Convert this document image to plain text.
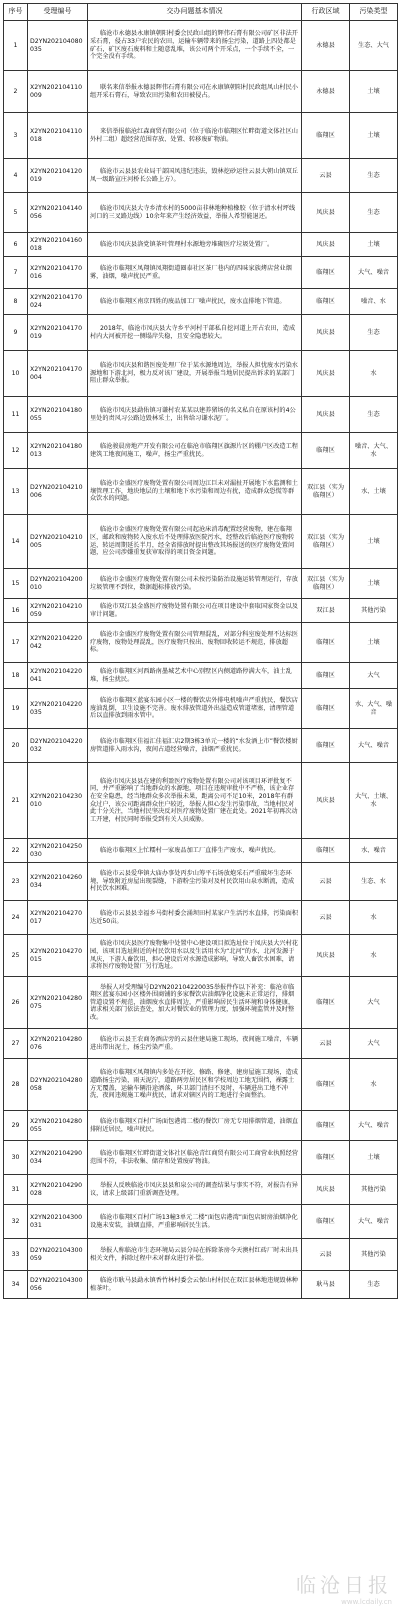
序号	受理编号	交办问题基本情况	行政区域	污染类型
1	D2YN202104080035	临沧市永德县永康镇朝阳村委会民政山组的辉伟石膏有限公司矿区非法开采石膏，侵占33户农民的农田，运输车辆带来的扬尘污染，道路上四处都是矿石，矿区废石废料和土随意乱堆，该公司两个开采点，一个手续不全，一个完全没有手续。	永德县	生态、大气
2	X2YN202104110009	联名来信举报永德县辉伟石膏有限公司在永康镇朝阳村民政组凤山村民小组开采石膏石，导致农田污染和农田被侵占。	永德县	土壤
3	X2YN202104110018	来信举报临沧红森商贸有限公司（位于临沧市临翔区忙畔街道文体社区山外村二组）超经营范围存放、处置、转移废矿物油。	临翔区	土壤
4	X2YN202104120019	临沧市云县县农业局干部国凤违纪违法，毁林挖砂运往云县大朝山镇双丘凤一级路宣庄河桥长公路上方）。	云县	生态
5	X2YN202104140056	临沧市凤庆县大寺乡清水村的5000亩非林地种植橡胶（位于清水村坪线河口的三叉路边线）10余年来产生经济效益，举报人希望能退还。	凤庆县	生态
6	X2YN202104160018	临沧市凤庆县洛党镇茶叶管理村水源地旁堆砌医疗垃圾处置厂。	凤庆县	土壤
7	X2YN202104170016	临沧市临翔区凤翔镇凤翔街道圈泰社区茶厂巷内的四味家族烤店营业烟雾，油烟，噪声扰民严重。	临翔区	大气、噪音
8	X2YN202104170024	临沧市临翔区南京四姓的废品加工厂噪声扰民，废水直排地下管道。	临翔区	噪音、水
9	X2YN202104170019	2018年，临沧市凤庆县大寺乡平河村干部私自挖河道上开占农田，造成村内大河被开挖一侧塌岸失稳，且安全隐患较大。	凤庆县	生态
10	X2YN202104170004	临沧市凤庆县和谐医废处理厂位于某水源地周边，举报人担忧废水污染水源地和下游北河，极力反对该厂建设，开展举报当地居民提出诉求的某部门阻止群众举报。	凤庆县	水
11	X2YN202104180055	临沧市凤庆县勐佑镇习谦村农某某以建养猪场的名义私自在原该村的4公里处的责风习公路边毁林采土，出售给习谦水泥厂。	凤庆县	生态
12	X2YN202104180013	临沧骏晨房地产开发有限公司在临沧市临翔区旗源片区的棚户区改造工程建筑工地夜间施工，噪声，扬尘严重扰民。	临翔区	噪音、大气、水
13	D2YN202104210006	临沧市金盛医疗废物处置有限公司周边江巨未对漏扯开展地下水监测和土壤管理工作，地块地层的土壤和地下水污染和周边有扰，造成群众恐慌等群众饮水的问题。	双江县（实为临翔区）	水、土壤
14	D2YN202104210005	临沧市金盛医疗废物处置有限公司起沧床消毒配置经营废物，建在临翔区，邮政和废物转入废水后不处理排放医院污水，经整改后临沧医疗废物转运，转运周期延长半月，经全省排放时提出整改其场报送的医疗废物处置问题，应公司涉嫌重复获审取得的项目资金问题。	双江县（实为临翔区）	土壤
15	D2YN202104200010	临沧市金盛医疗废物处置有限公司未按污染防治设施运转管理运行，存放垃圾管理不到位，数据超标排放污染。	双江县（实为临翔区）	土壤
16	X2YN202104210059	临沧市双江县金盛医疗废物处置有限公司在项目建设中套取国家资金以及审计问题。	双江县	其他污染
17	X2YN202104220042	临沧市金盛医疗废物处置有限公司管理混乱，对部分科室废处理不达标医疗废物，废物处理混乱，医疗废物只按出、废物回收转运不规范，排放超标。	临翔区	土壤
18	X2YN202104220041	临沧市临翔区河西路南墨城艺术中心别墅区内侧道路停满大车，油土乱堆，扬尘扰民。	临翔区	大气
19	X2YN202104220035	临沧市临翔区蓝宴东园小区一楼的餐饮店外排电机噪声严重扰民，餐饮店废油乱倒，卫生设施不完善。废水排放管道外出溢造成管道堵塞，清理管道后以直排放到雨水管中。	临翔区	水、大气、噪音
20	D2YN202104220032	临沧市临翔区佳福汇佳福汇店2期3栋3单元一楼的“水发酒上市”餐饮楼厨房管道排入雨水沟，夜间占道经营噪音，油烟严重扰民。	临翔区	大气、噪音
21	X2YN202104230010	临沧市凤庆县县在建的利盈医疗废物处置有限公司对该项目环评批复不同，并严重影响了当地群众的水源地，项目在违规审批中不严格，该企业存在安全隐患，经当地群众多次举报未果，距离公司不足10米，2018年有群众过户，该公司距离群众住户较近，举报人担心发生污染事故，当地村民对此十分关注，当地村民坚决反对医疗废物处置厂建在此处。2021年初再次动工开建，村民同时举报受到有关人员威胁。	凤庆县	大气、土壤、水
22	X2YN202104250030	临沧市临翔区上忙糯村一家废品加工厂直排生产废水，噪声扰民。	临翔区	水、噪音
23	X2YN202104260034	临沧市云县爱华镇大庙办事处丙步山筹平石场放炮采石严重破坏生态环境，导致附近房屋出现裂缝，下游粉尘污染对及村民饮用山泉水断流，造成村民饮水困难。	云县	生态、水
24	X2YN202104270017	临沧市云县县幸福乡马街村委会涌坝田村某家户生活污水直排，污染面积达近50亩。	云县	水
25	X2YN202104270015	临沧市凤庆县医疗废物集中处置中心建设项目拟选址位于凤庆县大兴村花园，该项目选址附近的村民饮用水以及生活用水为“北河”的水，北河发源于凤庆，下游人畜饮用，担心建设后对水源造成影响，导致人畜饮水困难，请求将医疗废物处置厂另行选址。	凤庆县	水
26	X2YN202104280075	举报人对受理编号D2YN202104220035举报件作以下补充：临沧市临翔区蓝宴东园小区楼外围商铺的多家餐饮店油烟净化设施未正常运行，排烟管道设置不规范，油烟废水直排周边，严重影响居民生活环境和身体健康，请求相关部门依法查处，加大对餐饮业的管理力度，加强环境监管并及时整改。	临翔区	大气
27	X2YN202104280076	临沧市云县王农商务酒店旁的云县住建局施工现场，夜间施工噪音，车辆进出带出泥土，扬尘污染严重。	云县	大气
28	D2YN202104280058	临沧市临翔区凤翔镇内多处在开挖、修路、修建、建房屋施工现场，造成道路扬尘污染，雨天泥泞，道路两旁居民区和学校周边工地无围挡，裸露土方无覆盖，运输车辆沿途洒落，环卫部门清扫不及时，车辆进出工地不冲洗，夜间违规施工噪声扰民，请求对辖区内的工地进行全面整治。	临翔区	水
29	X2YN202104280055	临沧市临翔区百村广场面包港湾二楼的餐饮厂房无专用排烟管道，油烟直排附近居民，噪声扰民。	临翔区	大气、噪音
30	X2YN202104290034	临沧市临翔区忙畔街道文体社区临沧青红商贸有限公司工商营业执照经营范围不符，非法收集、储存和处置废矿物油。	临翔区	土壤
31	X2YN202104290028	举报人反映临沧市凤庆县县和泉公司的调查结果与事实不符，对报告有异议，请求上级部门重新调查处理。	凤庆县	其他污染
32	X2YN202104300031	临沧市临翔区百村广场13幢3单元二楼“面包店港湾”面包店厨房油烟净化设施未安装，油烟直排，严重影响居民生活。	临翔区	大气、噪音
33	D2YN202104300059	举报人称临沧市生态环境局云县分局在拆除茶房今天澳村红砖厂时未出具相关文件，拆除过程中未对群众进行补偿。	云县	其他污染
34	D2YN202104300056	临沧市耿马县勐永镇香竹林村委会云保山村村民在双江县林地违规毁林种植茶叶。	耿马县	生态
临沧日报
www.lcdaily.cn
